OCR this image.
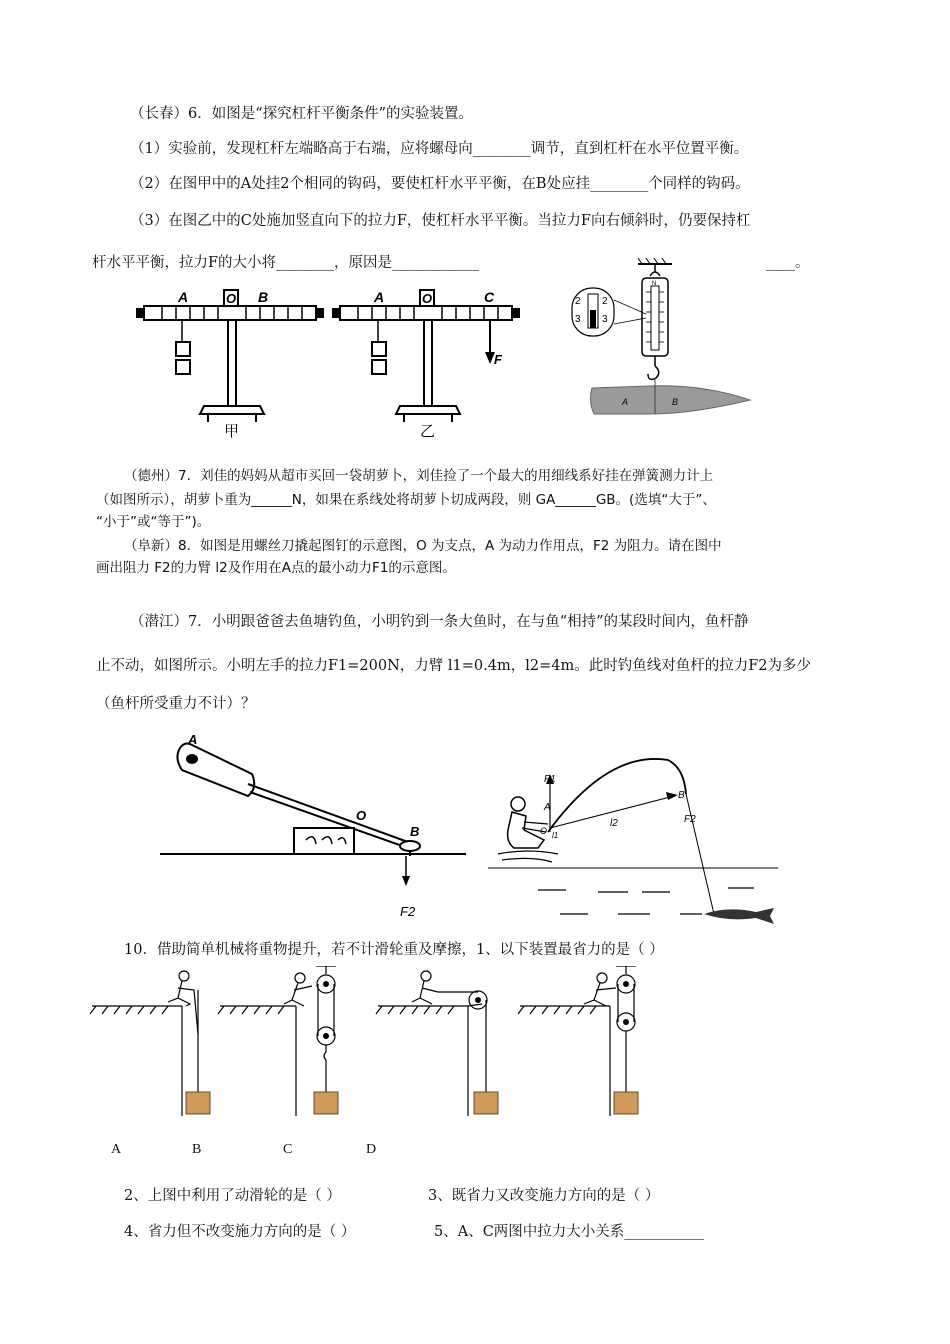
（长春）6．如图是“探究杠杆平衡条件”的实验装置。
（1）实验前，发现杠杆左端略高于右端，应将螺母向________调节，直到杠杆在水平位置平衡。
（2）在图甲中的A处挂2个相同的钩码，要使杠杆水平平衡，在B处应挂________个同样的钩码。
（3）在图乙中的C处施加竖直向下的拉力F，使杠杆水平平衡。当拉力F向右倾斜时，仍要保持杠
杆水平平衡，拉力F的大小将________，原因是____________	____。
A	O B
甲
A	O	C
F
乙
N
2
3
2
3
A	B
（德州）7．刘佳的妈妈从超市买回一袋胡萝卜，刘佳捡了一个最大的用细线系好挂在弹簧测力计上
（如图所示），胡萝卜重为______N，如果在系线处将胡萝卜切成两段，则 GA______GB。(选填“大于”、
“小于”或“等于”)。
（阜新）8．如图是用螺丝刀撬起图钉的示意图，O 为支点，A 为动力作用点，F2 为阻力。请在图中
画出阻力 F2的力臂 l2及作用在A点的最小动力F1的示意图。
（潜江）7．小明跟爸爸去鱼塘钓鱼，小明钓到一条大鱼时，在与鱼“相持”的某段时间内，鱼杆静
止不动，如图所示。小明左手的拉力F1=200N，力臂 l1=0.4m，l2=4m。此时钓鱼线对鱼杆的拉力F2为多少
（鱼杆所受重力不计）？
A
O
B
F2
F1
A
O l1
l2
B
F2
10．借助简单机械将重物提升，若不计滑轮重及摩擦，1、以下装置最省力的是（ ）
A	B	C	D
2、上图中利用了动滑轮的是（ ）	3、既省力又改变施力方向的是（ ）
4、省力但不改变施力方向的是（ ）	5、A、C两图中拉力大小关系___________
